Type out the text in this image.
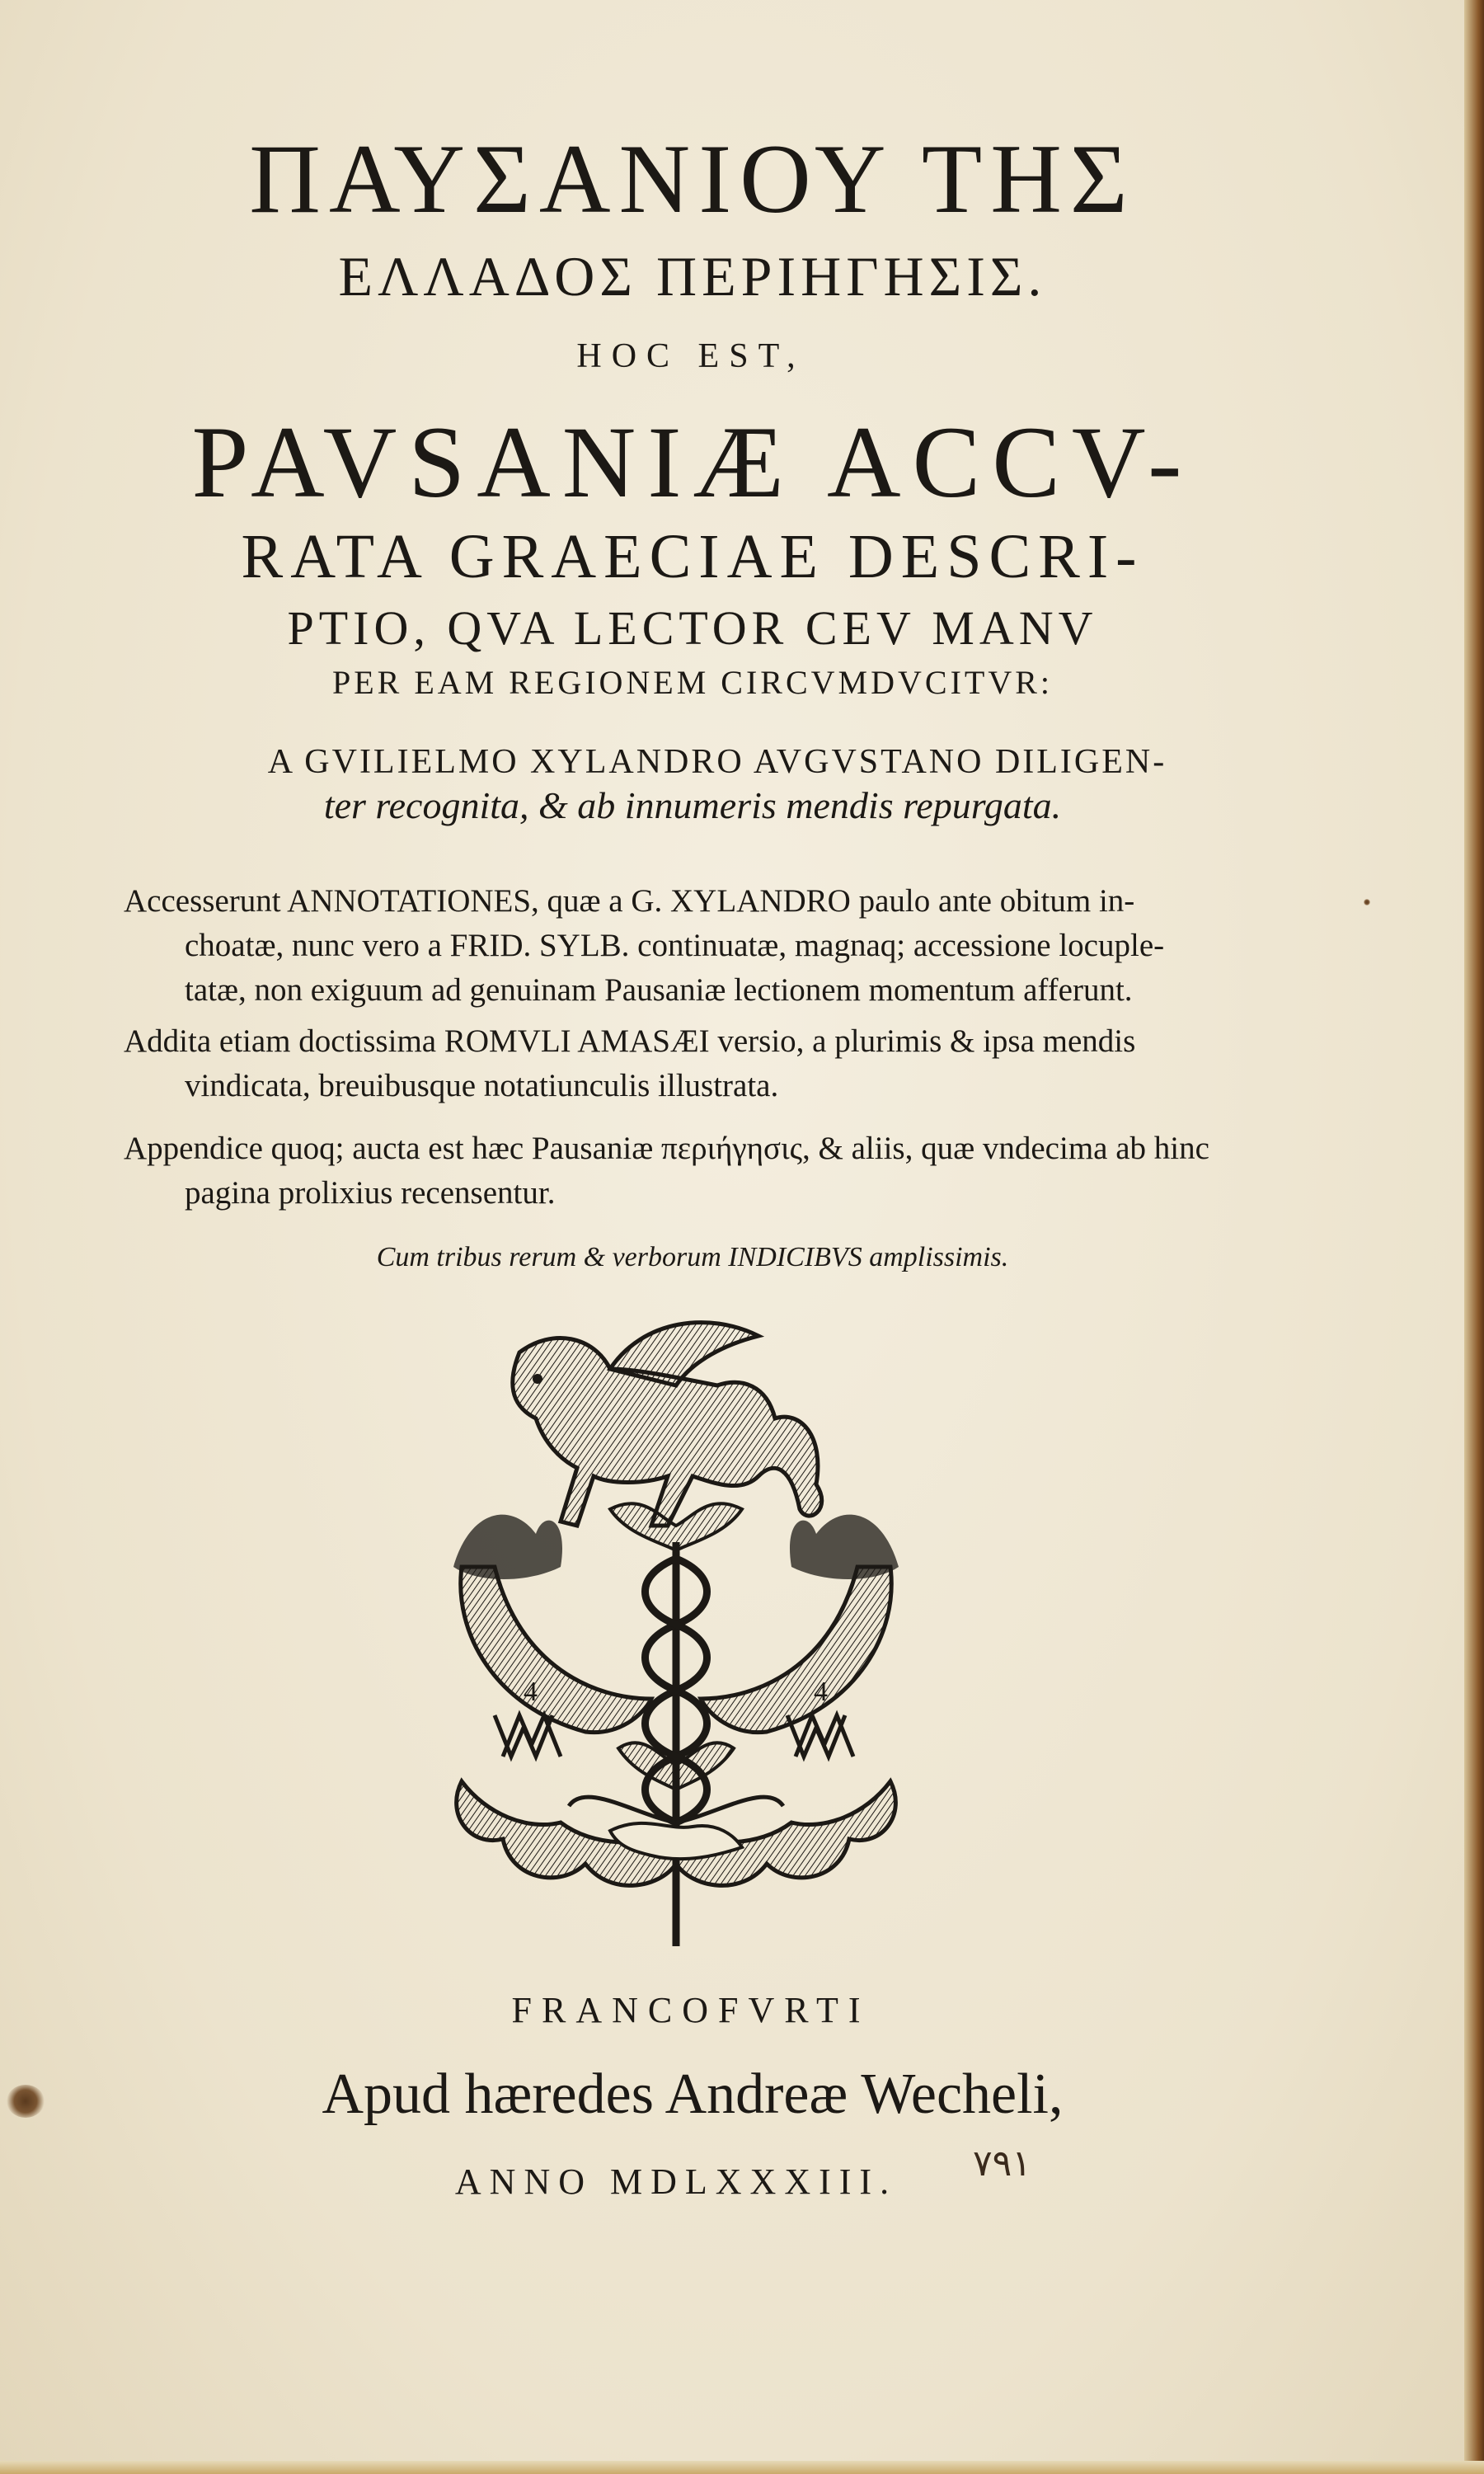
ΠΑΥΣΑΝΙΟΥ ΤΗΣ
ΕΛΛΑΔΟΣ ΠΕΡΙΗΓΗΣΙΣ.
HOC EST,
PAVSANIÆ ACCV-
RATA GRAECIAE DESCRI-
PTIO, QVA LECTOR CEV MANV
PER EAM REGIONEM CIRCVMDVCITVR:
A GVILIELMO XYLANDRO AVGVSTANO DILIGEN-
ter recognita, & ab innumeris mendis repurgata.
Accesserunt ANNOTATIONES, quæ a G. XYLANDRO paulo ante obitum in-
choatæ, nunc vero a FRID. SYLB. continuatæ, magnaq; accessione locuple-
tatæ, non exiguum ad genuinam Pausaniæ lectionem momentum afferunt.
Addita etiam doctissima ROMVLI AMASÆI versio, a plurimis & ipsa mendis
vindicata, breuibusque notatiunculis illustrata.
Appendice quoq; aucta est hæc Pausaniæ περιήγησις, & aliis, quæ vndecima ab hinc
pagina prolixius recensentur.
Cum tribus rerum & verborum INDICIBVS amplissimis.
4	4
FRANCOFVRTI
Apud hæredes Andreæ Wecheli,
ANNO MDLXXXIII.	٧٩١
